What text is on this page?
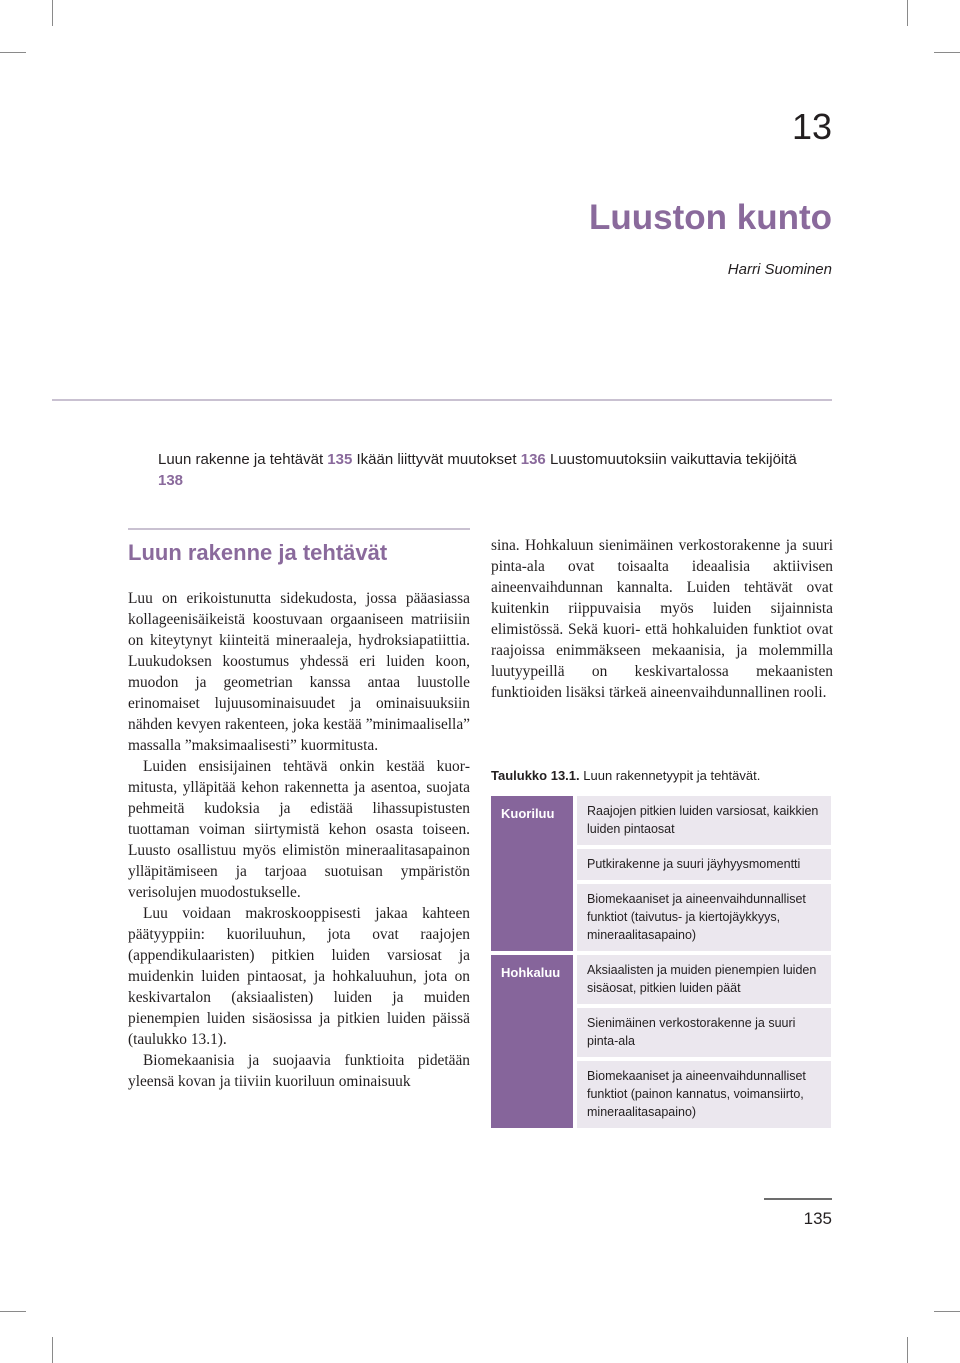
13
Luuston kunto
Harri Suominen
Luun rakenne ja tehtävät 135 Ikään liittyvät muutokset 136 Luustomuutoksiin vaikuttavia tekijöitä 138
Luun rakenne ja tehtävät

Luu on erikoistunutta sidekudosta, jossa pääasiassa kollageenisäikeistä koostuvaan orgaaniseen matriisiin on kiteytynyt kiinteitä mineraaleja, hydroksiapatiittia. Luukudoksen koostumus yhdessä eri luiden koon, muodon ja geometrian kanssa antaa luustolle erinomaiset lujuusominaisuudet ja ominaisuuksiin nähden kevyen rakenteen, joka kestää ”minimaalisella” massalla ”maksimaalisesti” kuormitusta.

Luiden ensisijainen tehtävä onkin kestää kuormitusta, ylläpitää kehon rakennetta ja asentoa, suojata pehmeitä kudoksia ja edistää lihassupistusten tuottaman voiman siirtymistä kehon osasta toiseen. Luusto osallistuu myös elimistön mineraalitasapainon ylläpitämiseen ja tarjoaa suotuisan ympäristön verisolujen muodostukselle.

Luu voidaan makroskooppisesti jakaa kahteen päätyyppiin: kuoriluuhun, jota ovat raajojen (appendikulaaristen) pitkien luiden varsiosat ja muidenkin luiden pintaosat, ja hohkaluuhun, jota on keskivartalon (aksiaalisten) luiden ja muiden pienempien luiden sisäosissa ja pitkien luiden päissä (taulukko 13.1).

Biomekaanisia ja suojaavia funktioita pidetään yleensä kovan ja tiiviin kuoriluun ominaisuuk

sina. Hohkaluun sienimäinen verkostorakenne ja suuri pinta-ala ovat toisaalta ideaalisia aktiivisen aineenvaihdunnan kannalta. Luiden tehtävät ovat kuitenkin riippuvaisia myös luiden sijainnista elimistössä. Sekä kuori- että hohkaluiden funktiot ovat raajoissa enimmäkseen mekaanisia, ja molemmilla luutyypeillä on keskivartalossa mekaanisten funktioiden lisäksi tärkeä aineenvaihdunnallinen rooli.

Taulukko 13.1. Luun rakennetyypit ja tehtävät.
Kuoriluu	Raajojen pitkien luiden varsiosat, kaikkien luiden pintaosat
Putkirakenne ja suuri jäyhyysmomentti
Biomekaaniset ja aineenvaihdunnalliset funktiot (taivutus- ja kiertojäykkyys, mineraalitasapaino)
Hohkaluu	Aksiaalisten ja muiden pienempien luiden sisäosat, pitkien luiden päät
Sienimäinen verkostorakenne ja suuri pinta-ala
Biomekaaniset ja aineenvaihdunnalliset funktiot (painon kannatus, voimansiirto, mineraalitasapaino)
135
